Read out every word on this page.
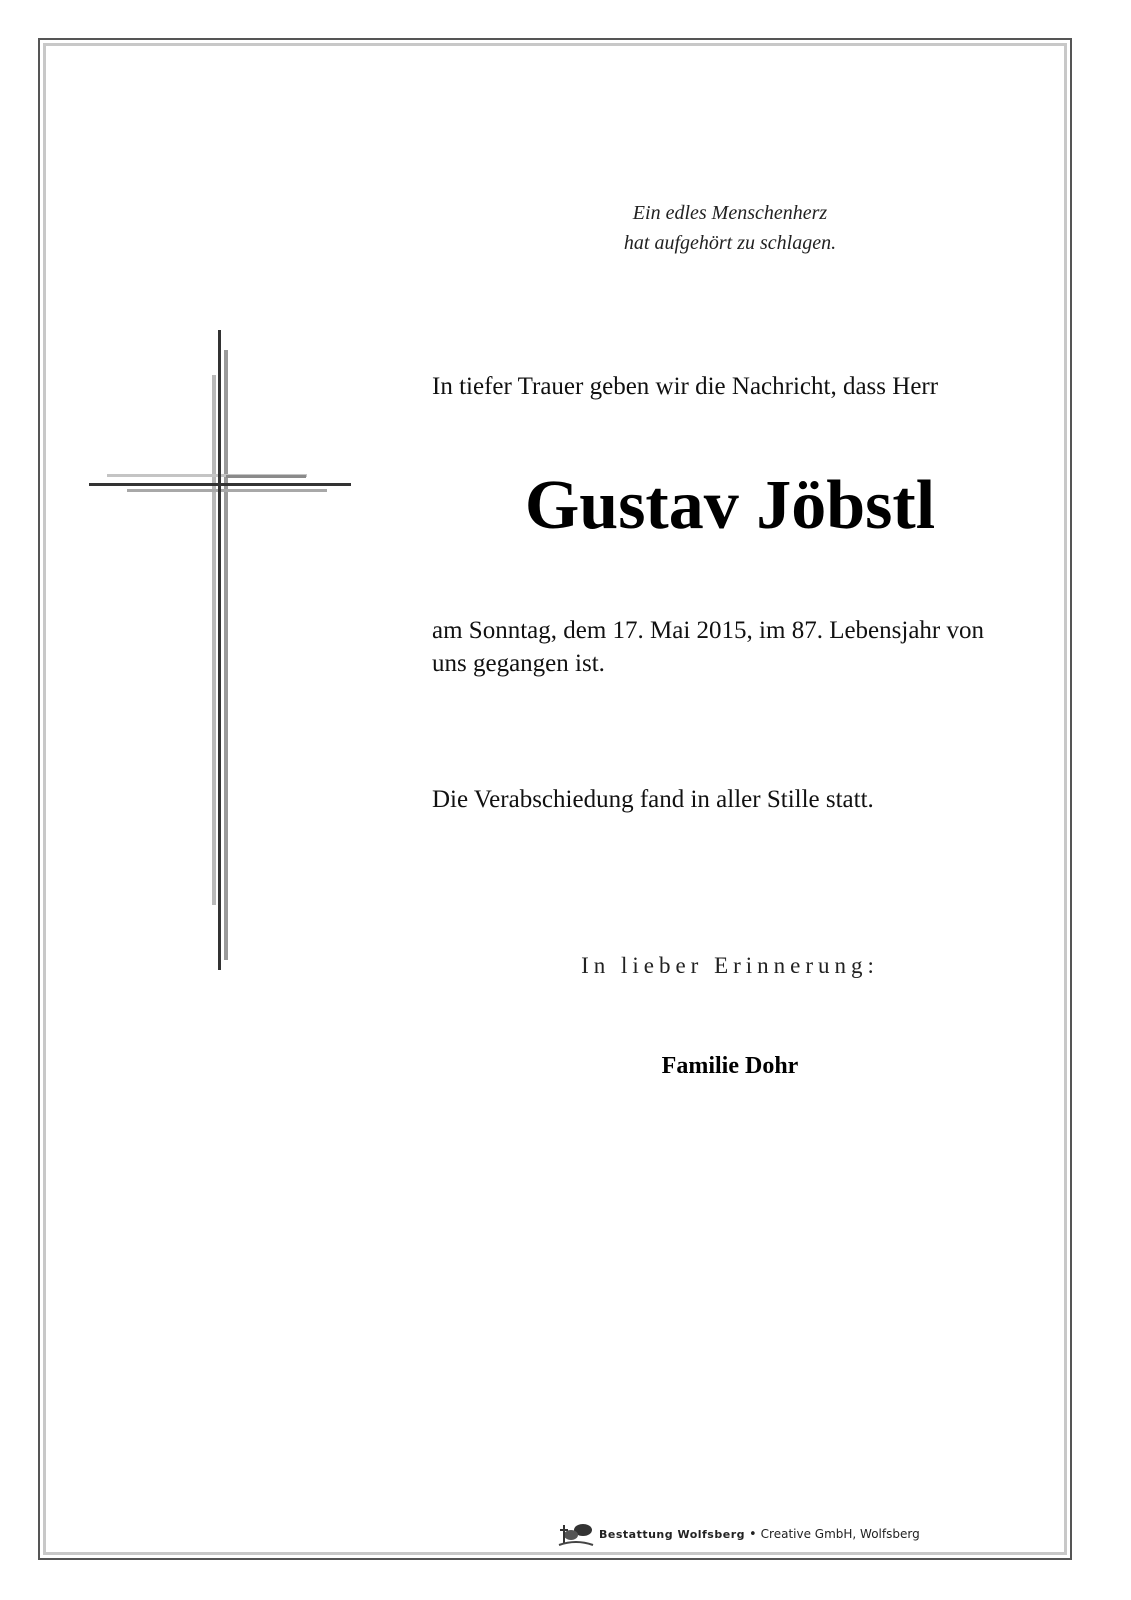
Ein edles Menschenherz
hat aufgehört zu schlagen.
In tiefer Trauer geben wir die Nachricht, dass Herr
Gustav Jöbstl
am Sonntag, dem 17. Mai 2015, im 87. Lebensjahr von
uns gegangen ist.
Die Verabschiedung fand in aller Stille statt.
In lieber Erinnerung:
Familie Dohr
Bestattung Wolfsberg • Creative GmbH, Wolfsberg
